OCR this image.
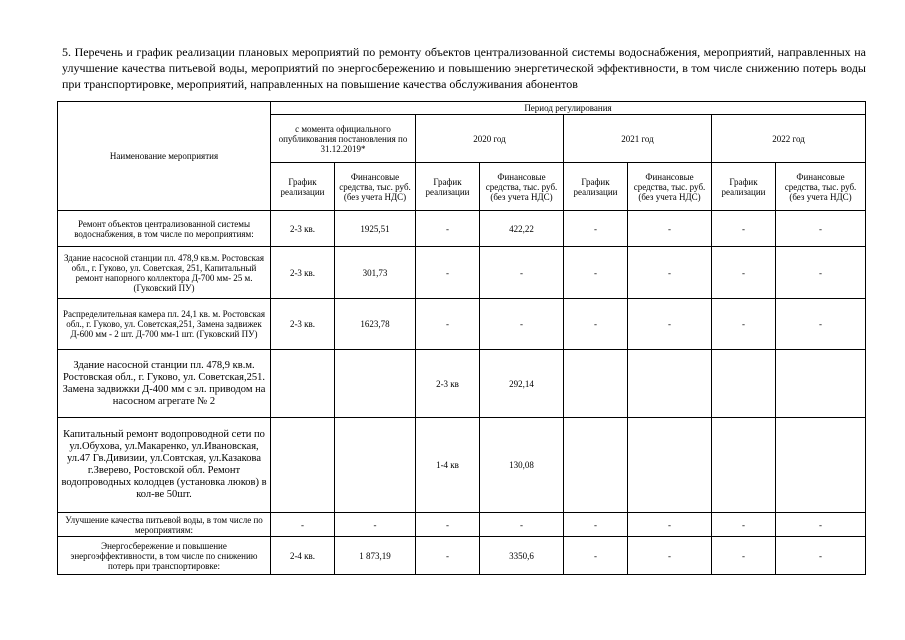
5. Перечень и график реализации плановых мероприятий по ремонту объектов централизованной системы водоснабжения, мероприятий, направленных на улучшение качества питьевой воды, мероприятий по энергосбережению и повышению энергетической эффективности, в том числе снижению потерь воды при транспортировке, мероприятий, направленных на повышение качества обслуживания абонентов
Наименование мероприятия	Период регулирования							
	с момента официального опубликования постановления по 31.12.2019*		2020 год		2021 год		2022 год	
	График реализации	Финансовые средства, тыс. руб. (без учета НДС)	График реализации	Финансовые средства, тыс. руб. (без учета НДС)	График реализации	Финансовые средства, тыс. руб. (без учета НДС)	График реализации	Финансовые средства, тыс. руб. (без учета НДС)
Ремонт объектов централизованной системы водоснабжения, в том числе по мероприятиям:	2-3 кв.	1925,51	-	422,22	-	-	-	-
Здание насосной станции пл. 478,9 кв.м. Ростовская обл., г. Гуково, ул. Советская, 251, Капитальный ремонт напорного коллектора Д-700 мм- 25 м. (Гуковский ПУ)	2-3 кв.	301,73	-	-	-	-	-	-
Распределительная камера пл. 24,1 кв. м. Ростовская обл., г. Гуково, ул. Советская,251, Замена задвижек Д-600 мм - 2 шт. Д-700 мм-1 шт. (Гуковский ПУ)	2-3 кв.	1623,78	-	-	-	-	-	-
Здание насосной станции пл. 478,9 кв.м. Ростовская обл., г. Гуково, ул. Советская,251. Замена задвижки Д-400 мм с эл. приводом на насосном агрегате № 2			2-3 кв	292,14				
Капитальный ремонт водопроводной сети по ул.Обухова, ул.Макаренко, ул.Ивановская, ул.47 Гв.Дивизии, ул.Совтская, ул.Казакова г.Зверево, Ростовской обл. Ремонт водопроводных колодцев (установка люков) в кол-ве 50шт.			1-4 кв	130,08				
Улучшение качества питьевой воды, в том числе по мероприятиям:	-	-	-	-	-	-	-	-
Энергосбережение и повышение энергоэффективности, в том числе по снижению потерь при транспортировке:	2-4 кв.	1 873,19	-	3350,6	-	-	-	-
